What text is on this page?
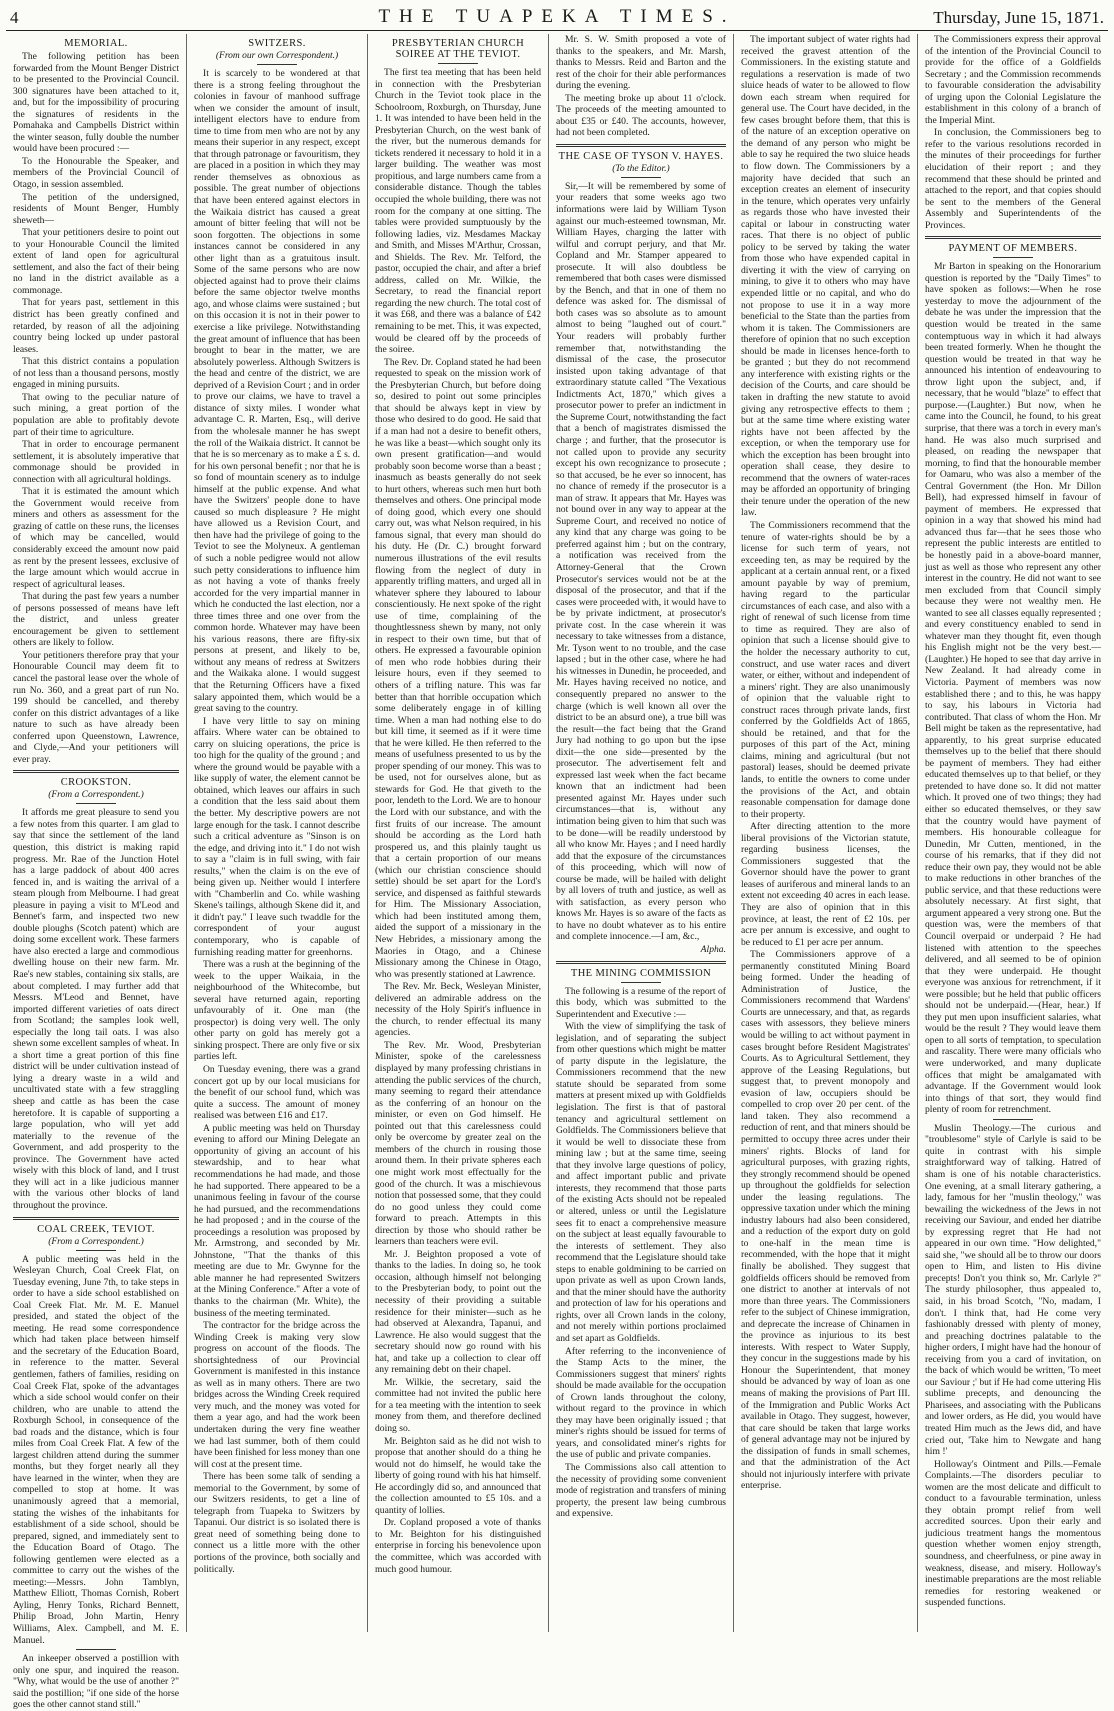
4	THE TUAPEKA TIMES.	Thursday, June 15, 1871.
MEMORIAL.

The following petition has been forwarded from the Mount Benger District to be presented to the Provincial Council. 300 signatures have been attached to it, and, but for the impossibility of procuring the signatures of residents in the Pomahaka and Campbells District within the winter season, fully double the number would have been procured :—

To the Honourable the Speaker, and members of the Provincial Council of Otago, in session assembled.

The petition of the undersigned, residents of Mount Benger, Humbly sheweth—

That your petitioners desire to point out to your Honourable Council the limited extent of land open for agricultural settlement, and also the fact of their being no land in the district available as a commonage.

That for years past, settlement in this district has been greatly confined and retarded, by reason of all the adjoining country being locked up under pastoral leases.

That this district contains a population of not less than a thousand persons, mostly engaged in mining pursuits.

That owing to the peculiar nature of such mining, a great portion of the population are able to profitably devote part of their time to agriculture.

That in order to encourage permanent settlement, it is absolutely imperative that commonage should be provided in connection with all agricultural holdings.

That it is estimated the amount which the Government would receive from miners and others as assessment for the grazing of cattle on these runs, the licenses of which may be cancelled, would considerably exceed the amount now paid as rent by the present lessees, exclusive of the large amount which would accrue in respect of agricultural leases.

That during the past few years a number of persons possessed of means have left the district, and unless greater encouragement be given to settlement others are likely to follow.

Your petitioners therefore pray that your Honourable Council may deem fit to cancel the pastoral lease over the whole of run No. 360, and a great part of run No. 199 should be cancelled, and thereby confer on this district advantages of a like nature to such as have already been conferred upon Queenstown, Lawrence, and Clyde,—And your petitioners will ever pray.

CROOKSTON.
(From a Correspondent.)

It affords me great pleasure to send you a few notes from this quarter. I am glad to say that since the settlement of the land question, this district is making rapid progress. Mr. Rae of the Junction Hotel has a large paddock of about 400 acres fenced in, and is waiting the arrival of a steam plough from Melbourne. I had great pleasure in paying a visit to M'Leod and Bennet's farm, and inspected two new double ploughs (Scotch patent) which are doing some excellent work. These farmers have also erected a large and commodious dwelling house on their new farm. Mr. Rae's new stables, containing six stalls, are about completed. I may further add that Messrs. M'Leod and Bennet, have imported different varieties of oats direct from Scotland; the samples look well, especially the long tail oats. I was also shewn some excellent samples of wheat. In a short time a great portion of this fine district will be under cultivation instead of lying a dreary waste in a wild and uncultivated state with a few straggling sheep and cattle as has been the case heretofore. It is capable of supporting a large population, who will yet add materially to the revenue of the Government, and add prosperity to the province. The Government have acted wisely with this block of land, and I trust they will act in a like judicious manner with the various other blocks of land throughout the province.

COAL CREEK, TEVIOT.
(From a Correspondent.)

A public meeting was held in the Wesleyan Church, Coal Creek Flat, on Tuesday evening, June 7th, to take steps in order to have a side school established on Coal Creek Flat. Mr. M. E. Manuel presided, and stated the object of the meeting. He read some correspondence which had taken place between himself and the secretary of the Education Board, in reference to the matter. Several gentlemen, fathers of families, residing on Coal Creek Flat, spoke of the advantages which a side school would confer on their children, who are unable to attend the Roxburgh School, in consequence of the bad roads and the distance, which is four miles from Coal Creek Flat. A few of the largest children attend during the summer months, but they forget nearly all they have learned in the winter, when they are compelled to stop at home. It was unanimously agreed that a memorial, stating the wishes of the inhabitants for establishment of a side school, should be prepared, signed, and immediately sent to the Education Board of Otago. The following gentlemen were elected as a committee to carry out the wishes of the meeting:—Messrs. John Tamblyn, Matthew Elliott, Thomas Cornish, Robert Ayling, Henry Tonks, Richard Bennett, Philip Broad, John Martin, Henry Williams, Alex. Campbell, and M. E. Manuel.

An inkeeper observed a postillion with only one spur, and inquired the reason. "Why, what would be the use of another ?" said the postillion; "if one side of the horse goes the other cannot stand still."

SWITZERS.
(From our own Correspondent.)

It is scarcely to be wondered at that there is a strong feeling throughout the colonies in favour of manhood suffrage when we consider the amount of insult, intelligent electors have to endure from time to time from men who are not by any means their superior in any respect, except that through patronage or favouritism, they are placed in a position in which they may render themselves as obnoxious as possible. The great number of objections that have been entered against electors in the Waikaia district has caused a great amount of bitter feeling that will not be soon forgotten. The objections in some instances cannot be considered in any other light than as a gratuitous insult. Some of the same persons who are now objected against had to prove their claims before the same objector twelve months ago, and whose claims were sustained ; but on this occasion it is not in their power to exercise a like privilege. Notwithstanding the great amount of influence that has been brought to bear in the matter, we are absolutely powerless. Although Switzers is the head and centre of the district, we are deprived of a Revision Court ; and in order to prove our claims, we have to travel a distance of sixty miles. I wonder what advantage C. R. Marten, Esq., will derive from the wholesale manner he has swept the roll of the Waikaia district. It cannot be that he is so mercenary as to make a £ s. d. for his own personal benefit ; nor that he is so fond of mountain scenery as to indulge himself at the public expense. And what have the Switzers' people done to have caused so much displeasure ? He might have allowed us a Revision Court, and then have had the privilege of going to the Teviot to see the Molyneux. A gentleman of such a noble pedigree would not allow such petty considerations to influence him as not having a vote of thanks freely accorded for the very impartial manner in which he conducted the last election, nor a three times three and one over from the common horde. Whatever may have been his various reasons, there are fifty-six persons at present, and likely to be, without any means of redress at Switzers and the Waikaka alone. I would suggest that the Returning Officers have a fixed salary appointed them, which would be a great saving to the country.

I have very little to say on mining affairs. Where water can be obtained to carry on sluicing operations, the price is too high for the quality of the ground ; and where the ground would be payable with a like supply of water, the element cannot be obtained, which leaves our affairs in such a condition that the less said about them the better. My descriptive powers are not large enough for the task. I cannot describe such a critical adventure as "Sinson is on the edge, and driving into it." I do not wish to say a "claim is in full swing, with fair results," when the claim is on the eve of being given up. Neither would I interfere with "Chamberlin and Co. while washing Skene's tailings, although Skene did it, and it didn't pay." I leave such twaddle for the correspondent of your august contemporary, who is capable of furnishing reading matter for greenhorns.

There was a rush at the beginning of the week to the upper Waikaia, in the neighbourhood of the Whitecombe, but several have returned again, reporting unfavourably of it. One man (the prospector) is doing very well. The only other party on gold has merely got a sinking prospect. There are only five or six parties left.

On Tuesday evening, there was a grand concert got up by our local musicians for the benefit of our school fund, which was quite a success. The amount of money realised was between £16 and £17.

A public meeting was held on Thursday evening to afford our Mining Delegate an opportunity of giving an account of his stewardship, and to hear what recommendations he had made, and those he had supported. There appeared to be a unanimous feeling in favour of the course he had pursued, and the recommendations he had proposed ; and in the course of the proceedings a resolution was proposed by Mr. Armstrong, and seconded by Mr. Johnstone, "That the thanks of this meeting are due to Mr. Gwynne for the able manner he had represented Switzers at the Mining Conference." After a vote of thanks to the chairman (Mr. White), the business of the meeting terminated.

The contractor for the bridge across the Winding Creek is making very slow progress on account of the floods. The shortsightedness of our Provincial Government is manifested in this instance as well as in many others. There are two bridges across the Winding Creek required very much, and the money was voted for them a year ago, and had the work been undertaken during the very fine weather we had last summer, both of them could have been finished for less money than one will cost at the present time.

There has been some talk of sending a memorial to the Government, by some of our Switzers residents, to get a line of telegraph from Tuapeka to Switzers by Tapanui. Our district is so isolated there is great need of something being done to connect us a little more with the other portions of the province, both socially and politically.

PRESBYTERIAN CHURCH SOIREE AT THE TEVIOT.

The first tea meeting that has been held in connection with the Presbyterian Church in the Teviot took place in the Schoolroom, Roxburgh, on Thursday, June 1. It was intended to have been held in the Presbyterian Church, on the west bank of the river, but the numerous demands for tickets rendered it necessary to hold it in a larger building. The weather was most propitious, and large numbers came from a considerable distance. Though the tables occupied the whole building, there was not room for the company at one sitting. The tables were provided sumptuously by the following ladies, viz. Mesdames Mackay and Smith, and Misses M'Arthur, Crossan, and Shields. The Rev. Mr. Telford, the pastor, occupied the chair, and after a brief address, called on Mr. Wilkie, the Secretary, to read the financial report regarding the new church. The total cost of it was £68, and there was a balance of £42 remaining to be met. This, it was expected, would be cleared off by the proceeds of the soiree.

The Rev. Dr. Copland stated he had been requested to speak on the mission work of the Presbyterian Church, but before doing so, desired to point out some principles that should be always kept in view by those who desired to do good. He said that if a man had not a desire to benefit others, he was like a beast—which sought only its own present gratification—and would probably soon become worse than a beast ; inasmuch as beasts generally do not seek to hurt others, whereas such men hurt both themselves and others. One principal mode of doing good, which every one should carry out, was what Nelson required, in his famous signal, that every man should do his duty. He (Dr. C.) brought forward numerous illustrations of the evil results flowing from the neglect of duty in apparently trifling matters, and urged all in whatever sphere they laboured to labour conscientiously. He next spoke of the right use of time, complaining of the thoughtlessness shewn by many, not only in respect to their own time, but that of others. He expressed a favourable opinion of men who rode hobbies during their leisure hours, even if they seemed to others of a trifling nature. This was far better than that horrible occupation which some deliberately engage in of killing time. When a man had nothing else to do but kill time, it seemed as if it were time that he were killed. He then referred to the means of usefulness presented to us by the proper spending of our money. This was to be used, not for ourselves alone, but as stewards for God. He that giveth to the poor, lendeth to the Lord. We are to honour the Lord with our substance, and with the first fruits of our increase. The amount should be according as the Lord hath prospered us, and this plainly taught us that a certain proportion of our means (which our christian conscience should settle) should be set apart for the Lord's service, and dispensed as faithful stewards for Him. The Missionary Association, which had been instituted among them, aided the support of a missionary in the New Hebrides, a missionary among the Maories in Otago, and a Chinese Missionary among the Chinese in Otago, who was presently stationed at Lawrence.

The Rev. Mr. Beck, Wesleyan Minister, delivered an admirable address on the necessity of the Holy Spirit's influence in the church, to render effectual its many agencies.

The Rev. Mr. Wood, Presbyterian Minister, spoke of the carelessness displayed by many professing christians in attending the public services of the church, many seeming to regard their attendance as the conferring of an honour on the minister, or even on God himself. He pointed out that this carelessness could only be overcome by greater zeal on the members of the church in rousing those around them. In their private spheres each one might work most effectually for the good of the church. It was a mischievous notion that possessed some, that they could do no good unless they could come forward to preach. Attempts in this direction by those who should rather be learners than teachers were evil.

Mr. J. Beighton proposed a vote of thanks to the ladies. In doing so, he took occasion, although himself not belonging to the Presbyterian body, to point out the necessity of their providing a suitable residence for their minister—such as he had observed at Alexandra, Tapanui, and Lawrence. He also would suggest that the secretary should now go round with his hat, and take up a collection to clear off any remaining debt on their chapel.

Mr. Wilkie, the secretary, said the committee had not invited the public here for a tea meeting with the intention to seek money from them, and therefore declined doing so.

Mr. Beighton said as he did not wish to propose that another should do a thing he would not do himself, he would take the liberty of going round with his hat himself. He accordingly did so, and announced that the collection amounted to £5 10s. and a quantity of lollies.

Dr. Copland proposed a vote of thanks to Mr. Beighton for his distinguished enterprise in forcing his benevolence upon the committee, which was accorded with much good humour.

Mr. S. W. Smith proposed a vote of thanks to the speakers, and Mr. Marsh, thanks to Messrs. Reid and Barton and the rest of the choir for their able performances during the evening.

The meeting broke up about 11 o'clock. The proceeds of the meeting amounted to about £35 or £40. The accounts, however, had not been completed.

THE CASE OF TYSON V. HAYES.
(To the Editor.)

Sir,—It will be remembered by some of your readers that some weeks ago two informations were laid by William Tyson against our much-esteemed townsman, Mr. William Hayes, charging the latter with wilful and corrupt perjury, and that Mr. Copland and Mr. Stamper appeared to prosecute. It will also doubtless be remembered that both cases were dismissed by the Bench, and that in one of them no defence was asked for. The dismissal of both cases was so absolute as to amount almost to being "laughed out of court." Your readers will probably further remember that, notwithstanding the dismissal of the case, the prosecutor insisted upon taking advantage of that extraordinary statute called "The Vexatious Indictments Act, 1870," which gives a prosecutor power to prefer an indictment in the Supreme Court, notwithstanding the fact that a bench of magistrates dismissed the charge ; and further, that the prosecutor is not called upon to provide any security except his own recognizance to prosecute ; so that accused, be he ever so innocent, has no chance of remedy if the prosecutor is a man of straw. It appears that Mr. Hayes was not bound over in any way to appear at the Supreme Court, and received no notice of any kind that any charge was going to be preferred against him ; but on the contrary, a notification was received from the Attorney-General that the Crown Prosecutor's services would not be at the disposal of the prosecutor, and that if the cases were proceeded with, it would have to be by private indictment, at prosecutor's private cost. In the case wherein it was necessary to take witnesses from a distance, Mr. Tyson went to no trouble, and the case lapsed ; but in the other case, where he had his witnesses in Dunedin, he proceeded, and Mr. Hayes having received no notice, and consequently prepared no answer to the charge (which is well known all over the district to be an absurd one), a true bill was the result—the fact being that the Grand Jury had nothing to go upon but the ipse dixit—the one side—presented by the prosecutor. The advertisement felt and expressed last week when the fact became known that an indictment had been presented against Mr. Hayes under such circumstances—that is, without any intimation being given to him that such was to be done—will be readily understood by all who know Mr. Hayes ; and I need hardly add that the exposure of the circumstances of this proceeding, which will now of course be made, will be hailed with delight by all lovers of truth and justice, as well as with satisfaction, as every person who knows Mr. Hayes is so aware of the facts as to have no doubt whatever as to his entire and complete innocence.—I am, &c.,

Alpha.

THE MINING COMMISSION

The following is a resume of the report of this body, which was submitted to the Superintendent and Executive :—

With the view of simplifying the task of legislation, and of separating the subject from other questions which might be matter of party dispute in the legislature, the Commissioners recommend that the new statute should be separated from some matters at present mixed up with Goldfields legislation. The first is that of pastoral tenancy and agricultural settlement on Goldfields. The Commissioners believe that it would be well to dissociate these from mining law ; but at the same time, seeing that they involve large questions of policy, and affect important public and private interests, they recommend that those parts of the existing Acts should not be repealed or altered, unless or until the Legislature sees fit to enact a comprehensive measure on the subject at least equally favourable to the interests of settlement. They also recommend that the Legislature should take steps to enable goldmining to be carried on upon private as well as upon Crown lands, and that the miner should have the authority and protection of law for his operations and rights, over all Crown lands in the colony, and not merely within portions proclaimed and set apart as Goldfields.

After referring to the inconvenience of the Stamp Acts to the miner, the Commissioners suggest that miners' rights should be made available for the occupation of Crown lands throughout the colony, without regard to the province in which they may have been originally issued ; that miner's rights should be issued for terms of years, and consolidated miner's rights for the use of public and private companies.

The Commissions also call attention to the necessity of providing some convenient mode of registration and transfers of mining property, the present law being cumbrous and expensive.

The important subject of water rights had received the gravest attention of the Commissioners. In the existing statute and regulations a reservation is made of two sluice heads of water to be allowed to flow down each stream when required for general use. The Court have decided, in the few cases brought before them, that this is of the nature of an exception operative on the demand of any person who might be able to say he required the two sluice heads to flow down. The Commissioners by a majority have decided that such an exception creates an element of insecurity in the tenure, which operates very unfairly as regards those who have invested their capital or labour in constructing water races. That there is no object of public policy to be served by taking the water from those who have expended capital in diverting it with the view of carrying on mining, to give it to others who may have expended little or no capital, and who do not propose to use it in a way more beneficial to the State than the parties from whom it is taken. The Commissioners are therefore of opinion that no such exception should be made in licenses hence-forth to be granted ; but they do not recommend any interference with existing rights or the decision of the Courts, and care should be taken in drafting the new statute to avoid giving any retrospective effects to them ; but at the same time where existing water rights have not been affected by the exception, or when the temporary use for which the exception has been brought into operation shall cease, they desire to recommend that the owners of water-races may be afforded an opportunity of bringing their tenure under the operation of the new law.

The Commissioners recommend that the tenure of water-rights should be by a license for such term of years, not exceeding ten, as may be required by the applicant at a certain annual rent, or a fixed amount payable by way of premium, having regard to the particular circumstances of each case, and also with a right of renewal of such license from time to time as required. They are also of opinion that such a license should give to the holder the necessary authority to cut, construct, and use water races and divert water, or either, without and independent of a miners' right. They are also unanimously of opinion that the valuable right to construct races through private lands, first conferred by the Goldfields Act of 1865, should be retained, and that for the purposes of this part of the Act, mining claims, mining and agricultural (but not pastoral) leases, should be deemed private lands, to entitle the owners to come under the provisions of the Act, and obtain reasonable compensation for damage done to their property.

After directing attention to the more liberal provisions of the Victorian statute, regarding business licenses, the Commissioners suggested that the Governor should have the power to grant leases of auriferous and mineral lands to an extent not exceeding 40 acres in each lease. They are also of opinion that in this province, at least, the rent of £2 10s. per acre per annum is excessive, and ought to be reduced to £1 per acre per annum.

The Commissioners approve of a permanently constituted Mining Board being formed. Under the heading of Administration of Justice, the Commissioners recommend that Wardens' Courts are unnecessary, and that, as regards cases with assessors, they believe miners would be willing to act without payment in cases brought before Resident Magistrates' Courts. As to Agricultural Settlement, they approve of the Leasing Regulations, but suggest that, to prevent monopoly and evasion of law, occupiers should be compelled to crop over 20 per cent. of the land taken. They also recommend a reduction of rent, and that miners should be permitted to occupy three acres under their miners' rights. Blocks of land for agricultural purposes, with grazing rights, they strongly recommend should be opened up throughout the goldfields for selection under the leasing regulations. The oppressive taxation under which the mining industry labours had also been considered, and a reduction of the export duty on gold to one-half in the mean time is recommended, with the hope that it might finally be abolished. They suggest that goldfields officers should be removed from one district to another at intervals of not more than three years. The Commissioners refer to the subject of Chinese immigration, and deprecate the increase of Chinamen in the province as injurious to its best interests. With respect to Water Supply, they concur in the suggestions made by his Honour the Superintendent, that money should be advanced by way of loan as one means of making the provisions of Part III. of the Immigration and Public Works Act available in Otago. They suggest, however, that care should be taken that large works of general advantage may not be injured by the dissipation of funds in small schemes, and that the administration of the Act should not injuriously interfere with private enterprise.

The Commissioners express their approval of the intention of the Provincial Council to provide for the office of a Goldfields Secretary ; and the Commission recommends to favourable consideration the advisability of urging upon the Colonial Legislature the establishment in this colony of a branch of the Imperial Mint.

In conclusion, the Commissioners beg to refer to the various resolutions recorded in the minutes of their proceedings for further elucidation of their report ; and they recommend that these should be printed and attached to the report, and that copies should be sent to the members of the General Assembly and Superintendents of the Provinces.

PAYMENT OF MEMBERS.

Mr Barton in speaking on the Honorarium question is reported by the "Daily Times" to have spoken as follows:—When he rose yesterday to move the adjournment of the debate he was under the impression that the question would be treated in the same contemptuous way in which it had always been treated formerly. When he thought the question would be treated in that way he announced his intention of endeavouring to throw light upon the subject, and, if necessary, that he would "blaze" to effect that purpose.—(Laughter.) But now, when he came into the Council, he found, to his great surprise, that there was a torch in every man's hand. He was also much surprised and pleased, on reading the newspaper that morning, to find that the honourable member for Oamaru, who was also a member of the Central Government (the Hon. Mr Dillon Bell), had expressed himself in favour of payment of members. He expressed that opinion in a way that showed his mind had advanced thus far—that he sees those who represent the public interests are entitled to be honestly paid in a above-board manner, just as well as those who represent any other interest in the country. He did not want to see men excluded from that Council simply because they were not wealthy men. He wanted to see all classes equally represented ; and every constituency enabled to send in whatever man they thought fit, even though his English might not be the very best.—(Laughter.) He hoped to see that day arrive in New Zealand. It had already come in Victoria. Payment of members was now established there ; and to this, he was happy to say, his labours in Victoria had contributed. That class of whom the Hon. Mr Bell might be taken as the representative, had apparently, to his great surprise educated themselves up to the belief that there should be payment of members. They had either educated themselves up to that belief, or they pretended to have done so. It did not matter which. It proved one of two things; they had either so educated themselves, or they saw that the country would have payment of members. His honourable colleague for Dunedin, Mr Cutten, mentioned, in the course of his remarks, that if they did not reduce their own pay, they would not be able to make reductions in other branches of the public service, and that these reductions were absolutely necessary. At first sight, that argument appeared a very strong one. But the question was, were the members of that Council overpaid or underpaid ? He had listened with attention to the speeches delivered, and all seemed to be of opinion that they were underpaid. He thought everyone was anxious for retrenchment, if it were possible; but he held that public officers should not be underpaid.—(Hear, hear.) If they put men upon insufficient salaries, what would be the result ? They would leave them open to all sorts of temptation, to speculation and rascality. There were many officials who were underworked, and many duplicate offices that might be amalgamated with advantage. If the Government would look into things of that sort, they would find plenty of room for retrenchment.

Muslin Theology.—The curious and "troublesome" style of Carlyle is said to be quite in contrast with his simple straightforward way of talking. Hatred of sham is one of his notable characteristics. One evening, at a small literary gathering, a lady, famous for her "muslin theology," was bewailing the wickedness of the Jews in not receiving our Saviour, and ended her diatribe by expressing regret that He had not appeared in our own time. "How delighted," said she, "we should all be to throw our doors open to Him, and listen to His divine precepts! Don't you think so, Mr. Carlyle ?" The sturdy philosopher, thus appealed to, said, in his broad Scotch, "No, madam, I don't. I think that, had He come very fashionably dressed with plenty of money, and preaching doctrines palatable to the higher orders, I might have had the honour of receiving from you a card of invitation, on the back of which would be written, 'To meet our Saviour ;' but if He had come uttering His sublime precepts, and denouncing the Pharisees, and associating with the Publicans and lower orders, as He did, you would have treated Him much as the Jews did, and have cried out, 'Take him to Newgate and hang him !'

Holloway's Ointment and Pills.—Female Complaints.—The disorders peculiar to women are the most delicate and difficult to conduct to a favourable termination, unless they obtain prompt relief from well accredited sources. Upon their early and judicious treatment hangs the momentous question whether women enjoy strength, soundness, and cheerfulness, or pine away in weakness, disease, and misery. Holloway's inestimable preparations are the most reliable remedies for restoring weakened or suspended functions.
